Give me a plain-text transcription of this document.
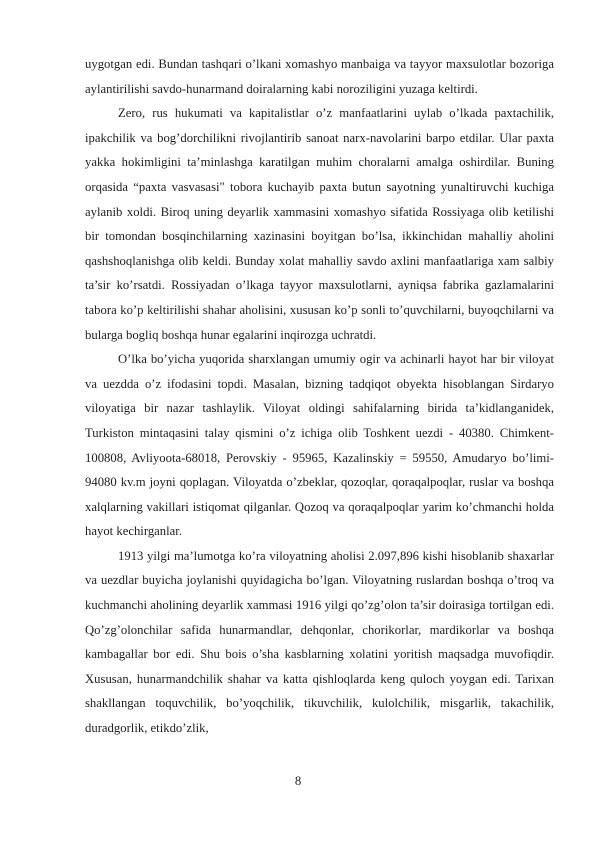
uygotgan edi. Bundan tashqari o’lkani xomashyo manbaiga va tayyor maxsulotlar bozoriga aylantirilishi savdo-hunarmand doiralarning kabi noroziligini yuzaga keltirdi.

Zero, rus hukumati va kapitalistlar o’z manfaatlarini uylab o’lkada paxtachilik, ipakchilik va bog’dorchilikni rivojlantirib sanoat narx-navolarini barpo etdilar. Ular paxta yakka hokimligini ta’minlashga karatilgan muhim choralarni amalga oshirdilar. Buning orqasida “paxta vasvasasi" tobora kuchayib paxta butun sayotning yunaltiruvchi kuchiga aylanib xoldi. Biroq uning deyarlik xammasini xomashyo sifatida Rossiyaga olib ketilishi bir tomondan bosqinchilarning xazinasini boyitgan bo’lsa, ikkinchidan mahalliy aholini qashshoqlanishga olib keldi. Bunday xolat mahalliy savdo axlini manfaatlariga xam salbiy ta’sir ko’rsatdi. Rossiyadan o’lkaga tayyor maxsulotlarni, ayniqsa fabrika gazlamalarini tabora ko’p keltirilishi shahar aholisini, xususan ko’p sonli to’quvchilarni, buyoqchilarni va bularga bogliq boshqa hunar egalarini inqirozga uchratdi.

O’lka bo’yicha yuqorida sharxlangan umumiy ogir va achinarli hayot har bir viloyat va uezdda o’z ifodasini topdi. Masalan, bizning tadqiqot obyekta hisoblangan Sirdaryo viloyatiga bir nazar tashlaylik. Viloyat oldingi sahifalarning birida ta’kidlanganidek, Turkiston mintaqasini talay qismini o’z ichiga olib Toshkent uezdi - 40380. Chimkent- 100808, Avliyoota-68018, Perovskiy - 95965, Kazalinskiy = 59550, Amudaryo bo’limi-94080 kv.m joyni qoplagan. Viloyatda o’zbeklar, qozoqlar, qoraqalpoqlar, ruslar va boshqa xalqlarning vakillari istiqomat qilganlar. Qozoq va qoraqalpoqlar yarim ko’chmanchi holda hayot kechirganlar.

1913 yilgi ma’lumotga ko’ra viloyatning aholisi 2.097,896 kishi hisoblanib shaxarlar va uezdlar buyicha joylanishi quyidagicha bo’lgan. Viloyatning ruslardan boshqa o’troq va kuchmanchi aholining deyarlik xammasi 1916 yilgi qo’zg’olon ta’sir doirasiga tortilgan edi. Qo’zg’olonchilar safida hunarmandlar, dehqonlar, chorikorlar, mardikorlar va boshqa kambagallar bor edi. Shu bois o’sha kasblarning xolatini yoritish maqsadga muvofiqdir. Xususan, hunarmandchilik shahar va katta qishloqlarda keng quloch yoygan edi. Tarixan shakllangan toquvchilik, bo’yoqchilik, tikuvchilik, kulolchilik, misgarlik, takachilik, duradgorlik, etikdo’zlik,

8
